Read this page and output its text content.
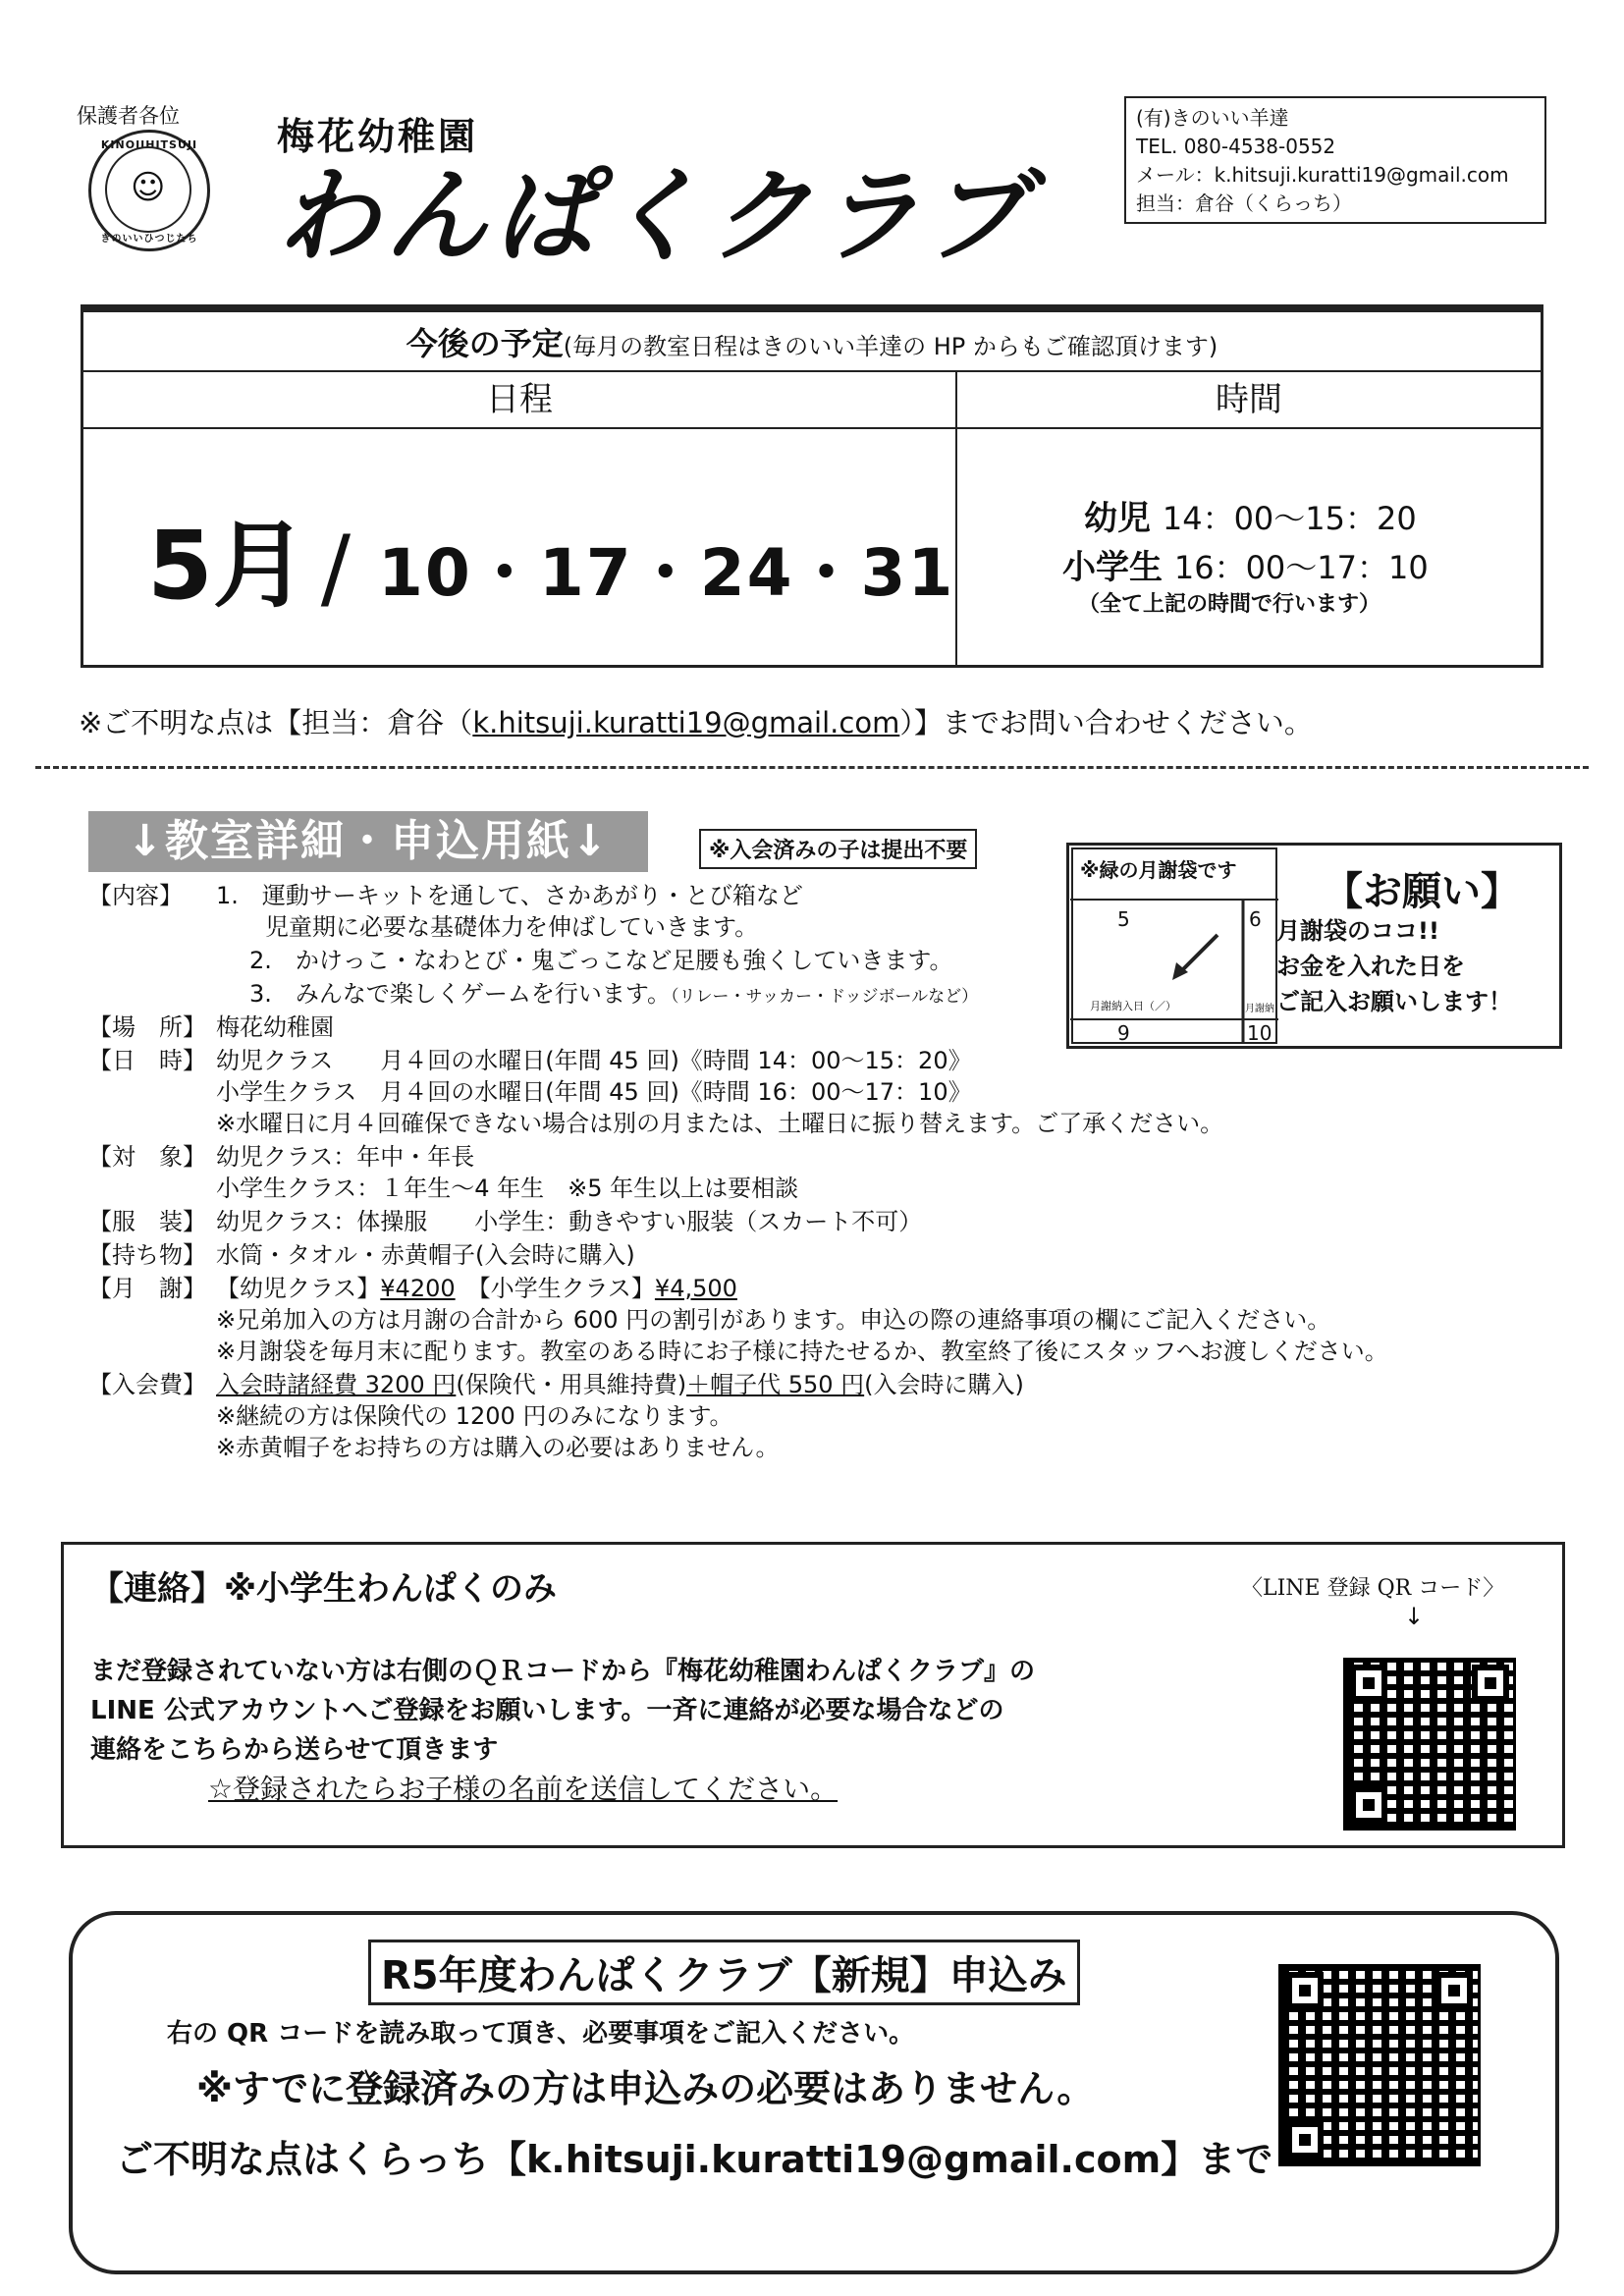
保護者各位
KINOIIHITSUJI
☺
きのいいひつじたち
梅花幼稚園
わんぱくクラブ
(有)きのいい羊達
TEL. 080-4538-0552
メール：k.hitsuji.kuratti19@gmail.com
担当：倉谷（くらっち）
今後の予定(毎月の教室日程はきのいい羊達の HP からもご確認頂けます)
日程	時間
5月 / 10・17・24・31
幼児 14：00～15：20
小学生 16：00～17：10
（全て上記の時間で行います）
※ご不明な点は【担当：倉谷（k.hitsuji.kuratti19@gmail.com）】までお問い合わせください。
↓教室詳細・申込用紙↓	※入会済みの子は提出不要
【内容】 1.　運動サーキットを通して、さかあがり・とび箱など
児童期に必要な基礎体力を伸ばしていきます。
2.　かけっこ・なわとび・鬼ごっこなど足腰も強くしていきます。
3.　みんなで楽しくゲームを行います。（リレー・サッカー・ドッジボールなど）
【場　所】 梅花幼稚園
【日　時】 幼児クラス　　月４回の水曜日(年間 45 回)《時間 14：00～15：20》
小学生クラス　月４回の水曜日(年間 45 回)《時間 16：00～17：10》
※水曜日に月４回確保できない場合は別の月または、土曜日に振り替えます。ご了承ください。
【対　象】 幼児クラス：年中・年長
小学生クラス：１年生～4 年生　※5 年生以上は要相談
【服　装】 幼児クラス：体操服　　小学生：動きやすい服装（スカート不可）
【持ち物】 水筒・タオル・赤黄帽子(入会時に購入)
【月　謝】 【幼児クラス】¥4200　 【小学生クラス】¥4,500
※兄弟加入の方は月謝の合計から 600 円の割引があります。申込の際の連絡事項の欄にご記入ください。
※月謝袋を毎月末に配ります。教室のある時にお子様に持たせるか、教室終了後にスタッフへお渡しください。
【入会費】 入会時諸経費 3200 円(保険代・用具維持費)＋帽子代 550 円(入会時に購入)
※継続の方は保険代の 1200 円のみになります。
※赤黄帽子をお持ちの方は購入の必要はありません。
※緑の月謝袋です
5	6
9	10
月謝納入日（／）	月謝納
【お願い】
月謝袋のココ!!
お金を入れた日を
ご記入お願いします！
【連絡】※小学生わんぱくのみ	〈LINE 登録 QR コード〉
↓
まだ登録されていない方は右側のＱＲコードから『梅花幼稚園わんぱくクラブ』の
LINE 公式アカウントへご登録をお願いします。一斉に連絡が必要な場合などの
連絡をこちらから送らせて頂きます
☆登録されたらお子様の名前を送信してください。
R5年度わんぱくクラブ【新規】申込み
右の QR コードを読み取って頂き、必要事項をご記入ください。
※すでに登録済みの方は申込みの必要はありません。
ご不明な点はくらっち【k.hitsuji.kuratti19@gmail.com】まで
